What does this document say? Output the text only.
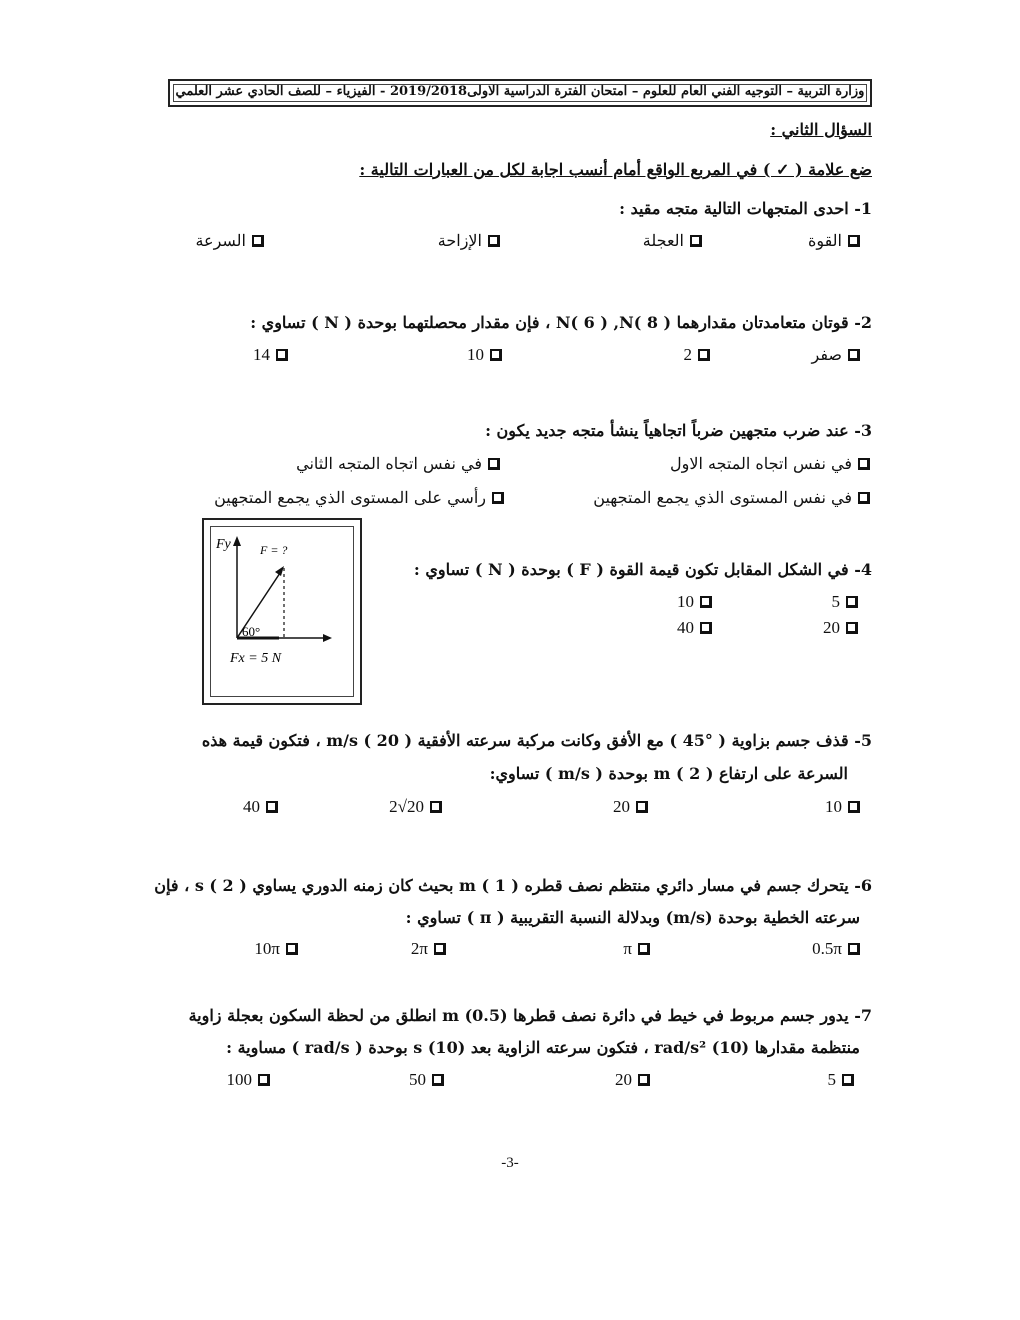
وزارة التربية – التوجيه الفني العام للعلوم – امتحان الفترة الدراسية الاولى2019/2018 - الفيزياء – للصف الحادي عشر العلمي
السؤال الثاني :
ضع علامة ( ✓ ) في المربع الواقع أمام أنسب اجابة لكل من العبارات التالية :
1- احدى المتجهات التالية متجه مقيد :
القوة
العجلة
الإزاحة
السرعة
2- قوتان متعامدتان مقدارهما N( 6 ) ,N( 8 ) ، فإن مقدار محصلتهما بوحدة ( N ) تساوي :
صفر
2
10
14
3- عند ضرب متجهين ضرباً اتجاهياً ينشأ متجه جديد يكون :
في نفس اتجاه المتجه الاول
في نفس اتجاه المتجه الثاني
في نفس المستوى الذي يجمع المتجهين
رأسي على المستوى الذي يجمع المتجهين
Fy F = ?
60°
Fx = 5 N
4- في الشكل المقابل تكون قيمة القوة ( F ) بوحدة ( N ) تساوي :
5
10
20
40
5- قذف جسم بزاوية ( °45 ) مع الأفق وكانت مركبة سرعته الأفقية m/s ( 20 ) ، فتكون قيمة هذه
السرعة على ارتفاع m ( 2 ) بوحدة ( m/s ) تساوي:
10
20
20√2
40
6- يتحرك جسم في مسار دائري منتظم نصف قطره m ( 1 ) بحيث كان زمنه الدوري يساوي s ( 2 ) ، فإن
سرعته الخطية بوحدة (m/s) وبدلالة النسبة التقريبية ( π ) تساوي :
0.5π
π
2π
10π
7- يدور جسم مربوط في خيط في دائرة نصف قطرها m (0.5) انطلق من لحظة السكون بعجلة زاوية
منتظمة مقدارها rad/s² (10) ، فتكون سرعته الزاوية بعد s (10) بوحدة ( rad/s ) مساوية :
5
20
50
100
-3-
